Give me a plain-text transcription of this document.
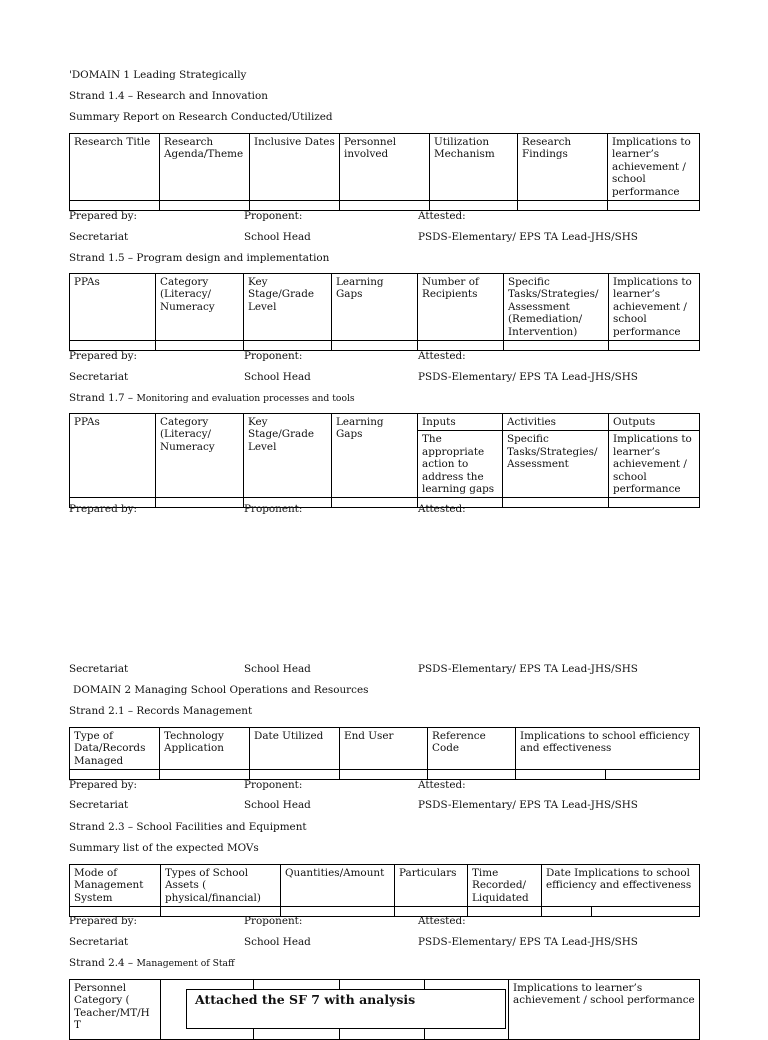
'DOMAIN 1 Leading Strategically
Strand 1.4 – Research and Innovation
Summary Report on Research Conducted/Utilized
Research Title	Research Agenda/Theme	Inclusive Dates	Personnel involved	Utilization Mechanism	Research Findings	Implications to learner’s achievement / school performance

Prepared by:	Proponent:	Attested:
Secretariat	School Head	PSDS-Elementary/ EPS TA Lead-JHS/SHS
Strand 1.5 – Program design and implementation
PPAs	Category (Literacy/ Numeracy	Key Stage/Grade Level	Learning Gaps	Number of Recipients	Specific Tasks/Strategies/ Assessment (Remediation/ Intervention)	Implications to learner’s achievement / school performance

Prepared by:	Proponent:	Attested:
Secretariat	School Head	PSDS-Elementary/ EPS TA Lead-JHS/SHS
Strand 1.7 – Monitoring and evaluation processes and tools
PPAs	Category (Literacy/ Numeracy	Key Stage/Grade Level	Learning Gaps	Inputs	Activities	Outputs
				The appropriate action to address the learning gaps	Specific Tasks/Strategies/ Assessment	Implications to learner’s achievement / school performance

Prepared by:	Proponent:	Attested:
Secretariat	School Head	PSDS-Elementary/ EPS TA Lead-JHS/SHS
DOMAIN 2 Managing School Operations and Resources
Strand 2.1 – Records Management
Type of Data/Records Managed	Technology Application	Date Utilized	End User	Reference Code	Implications to school efficiency and effectiveness	

Prepared by:	Proponent:	Attested:
Secretariat	School Head	PSDS-Elementary/ EPS TA Lead-JHS/SHS
Strand 2.3 – School Facilities and Equipment
Summary list of the expected MOVs
Mode of Management System	Types of School Assets ( physical/financial)	Quantities/Amount	Particulars	Time Recorded/ Liquidated	Date Implications to school efficiency and effectiveness	

Prepared by:	Proponent:	Attested:
Secretariat	School Head	PSDS-Elementary/ EPS TA Lead-JHS/SHS
Strand 2.4 – Management of Staff
Personnel Category ( Teacher/MT/HT					Implications to learner’s achievement / school performance
Attached the SF 7 with analysis
